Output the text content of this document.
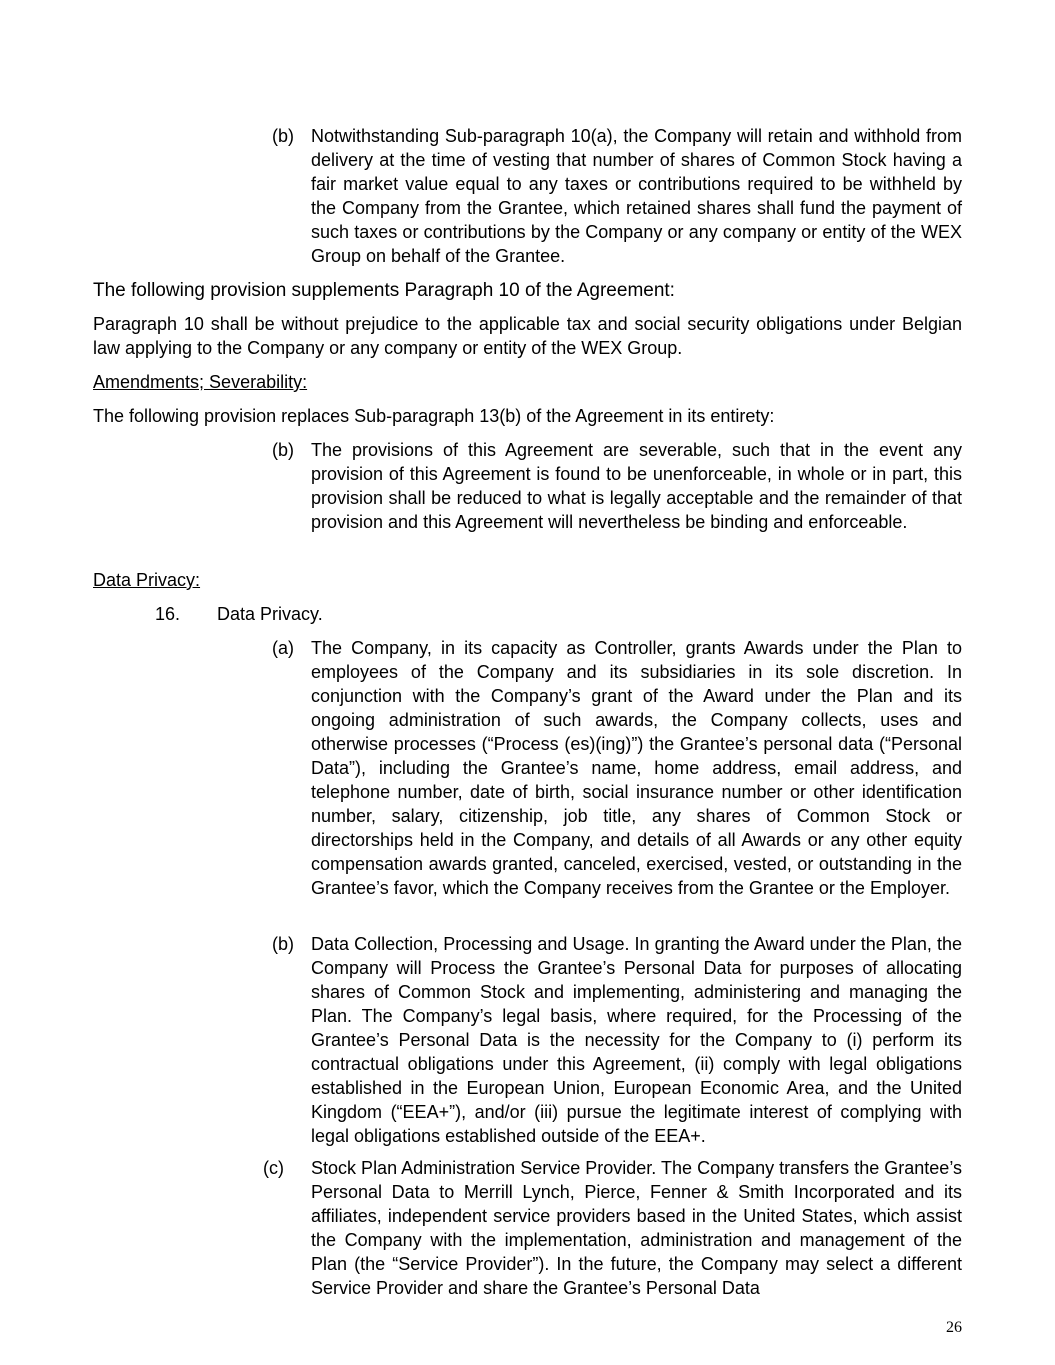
(b) Notwithstanding Sub-paragraph 10(a), the Company will retain and withhold from delivery at the time of vesting that number of shares of Common Stock having a fair market value equal to any taxes or contributions required to be withheld by the Company from the Grantee, which retained shares shall fund the payment of such taxes or contributions by the Company or any company or entity of the WEX Group on behalf of the Grantee.

The following provision supplements Paragraph 10 of the Agreement:

Paragraph 10 shall be without prejudice to the applicable tax and social security obligations under Belgian law applying to the Company or any company or entity of the WEX Group.

Amendments; Severability:

The following provision replaces Sub-paragraph 13(b) of the Agreement in its entirety:

(b) The provisions of this Agreement are severable, such that in the event any provision of this Agreement is found to be unenforceable, in whole or in part, this provision shall be reduced to what is legally acceptable and the remainder of that provision and this Agreement will nevertheless be binding and enforceable.

Data Privacy:

16. Data Privacy.
(a) The Company, in its capacity as Controller, grants Awards under the Plan to employees of the Company and its subsidiaries in its sole discretion. In conjunction with the Company’s grant of the Award under the Plan and its ongoing administration of such awards, the Company collects, uses and otherwise processes (“Process (es)(ing)”) the Grantee’s personal data (“Personal Data”), including the Grantee’s name, home address, email address, and telephone number, date of birth, social insurance number or other identification number, salary, citizenship, job title, any shares of Common Stock or directorships held in the Company, and details of all Awards or any other equity compensation awards granted, canceled, exercised, vested, or outstanding in the Grantee’s favor, which the Company receives from the Grantee or the Employer.

(b) Data Collection, Processing and Usage. In granting the Award under the Plan, the Company will Process the Grantee’s Personal Data for purposes of allocating shares of Common Stock and implementing, administering and managing the Plan. The Company’s legal basis, where required, for the Processing of the Grantee’s Personal Data is the necessity for the Company to (i) perform its contractual obligations under this Agreement, (ii) comply with legal obligations established in the European Union, European Economic Area, and the United Kingdom (“EEA+”), and/or (iii) pursue the legitimate interest of complying with legal obligations established outside of the EEA+.

(c) Stock Plan Administration Service Provider. The Company transfers the Grantee’s Personal Data to Merrill Lynch, Pierce, Fenner & Smith Incorporated and its affiliates, independent service providers based in the United States, which assist the Company with the implementation, administration and management of the Plan (the “Service Provider”). In the future, the Company may select a different Service Provider and share the Grantee’s Personal Data

26
